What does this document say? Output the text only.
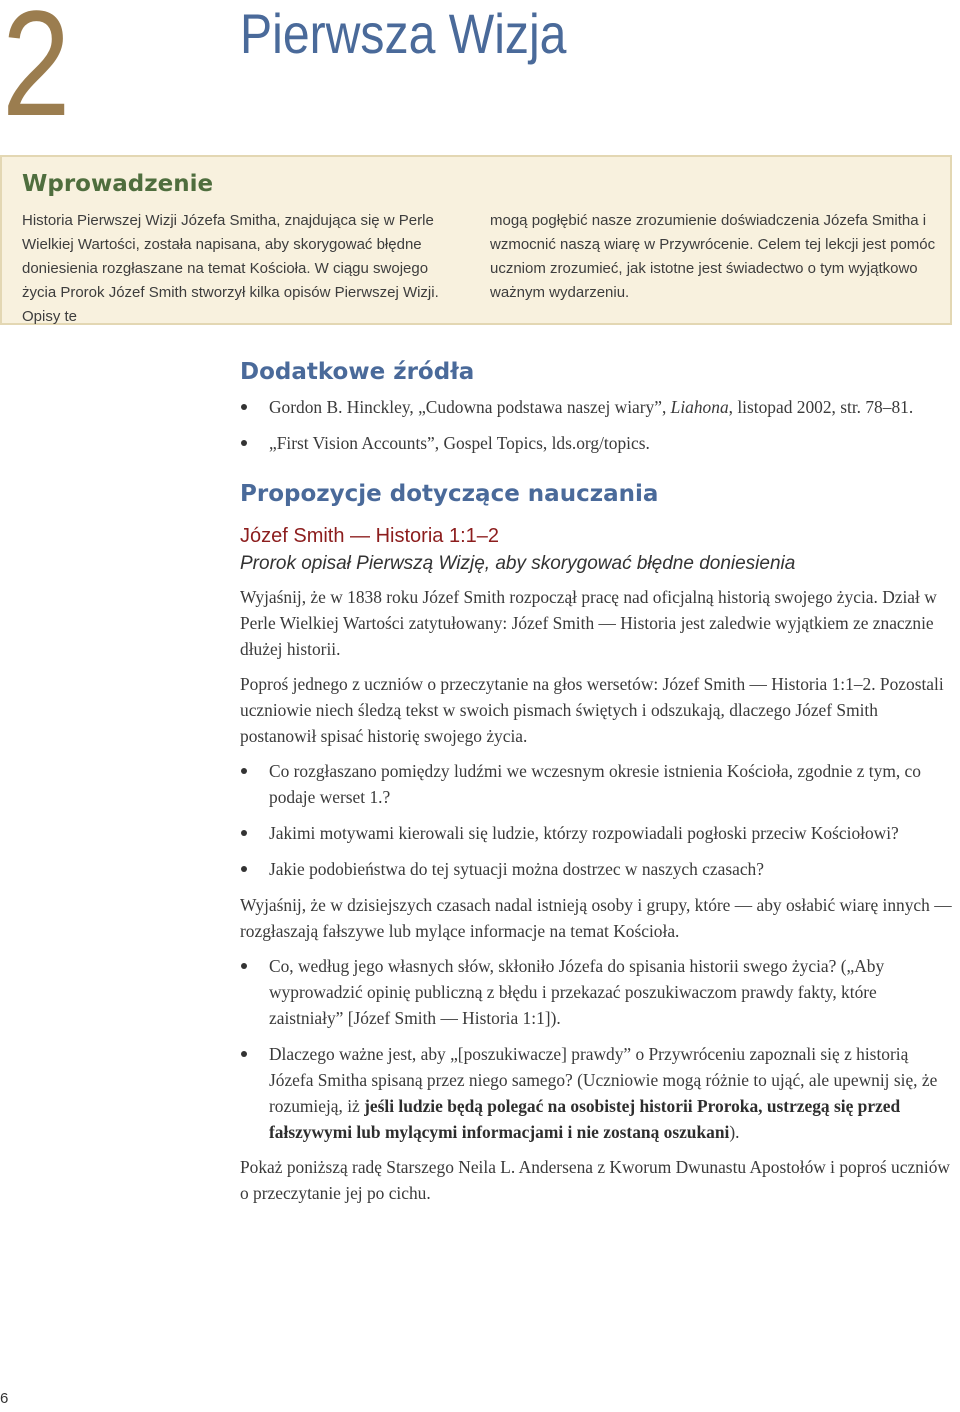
2	Pierwsza Wizja
Wprowadzenie

Historia Pierwszej Wizji Józefa Smitha, znajdująca się w Perle Wielkiej Wartości, została napisana, aby skorygować błędne doniesienia rozgłaszane na temat Kościoła. W ciągu swojego życia Prorok Józef Smith stworzył kilka opisów Pierwszej Wizji. Opisy te

mogą pogłębić nasze zrozumienie doświadczenia Józefa Smitha i wzmocnić naszą wiarę w Przywrócenie. Celem tej lekcji jest pomóc uczniom zrozumieć, jak istotne jest świadectwo o tym wyjątkowo ważnym wydarzeniu.

Dodatkowe źródła
Gordon B. Hinckley, „Cudowna podstawa naszej wiary”, Liahona, listopad 2002, str. 78–81.
„First Vision Accounts”, Gospel Topics, lds.org/topics.
Propozycje dotyczące nauczania
Józef Smith — Historia 1:1–2
Prorok opisał Pierwszą Wizję, aby skorygować błędne doniesienia

Wyjaśnij, że w 1838 roku Józef Smith rozpoczął pracę nad oficjalną historią swojego życia. Dział w Perle Wielkiej Wartości zatytułowany: Józef Smith — Historia jest zaledwie wyjątkiem ze znacznie dłużej historii.

Poproś jednego z uczniów o przeczytanie na głos wersetów: Józef Smith — Historia 1:1–2. Pozostali uczniowie niech śledzą tekst w swoich pismach świętych i odszukają, dlaczego Józef Smith postanowił spisać historię swojego życia.

Co rozgłaszano pomiędzy ludźmi we wczesnym okresie istnienia Kościoła, zgodnie z tym, co podaje werset 1.?
Jakimi motywami kierowali się ludzie, którzy rozpowiadali pogłoski przeciw Kościołowi?
Jakie podobieństwa do tej sytuacji można dostrzec w naszych czasach?

Wyjaśnij, że w dzisiejszych czasach nadal istnieją osoby i grupy, które — aby osłabić wiarę innych — rozgłaszają fałszywe lub mylące informacje na temat Kościoła.

Co, według jego własnych słów, skłoniło Józefa do spisania historii swego życia? („Aby wyprowadzić opinię publiczną z błędu i przekazać poszukiwaczom prawdy fakty, które zaistniały” [Józef Smith — Historia 1:1]).
Dlaczego ważne jest, aby „[poszukiwacze] prawdy” o Przywróceniu zapoznali się z historią Józefa Smitha spisaną przez niego samego? (Uczniowie mogą różnie to ująć, ale upewnij się, że rozumieją, iż jeśli ludzie będą polegać na osobistej historii Proroka, ustrzegą się przed fałszywymi lub mylącymi informacjami i nie zostaną oszukani).

Pokaż poniższą radę Starszego Neila L. Andersena z Kworum Dwunastu Apostołów i poproś uczniów o przeczytanie jej po cichu.

6
